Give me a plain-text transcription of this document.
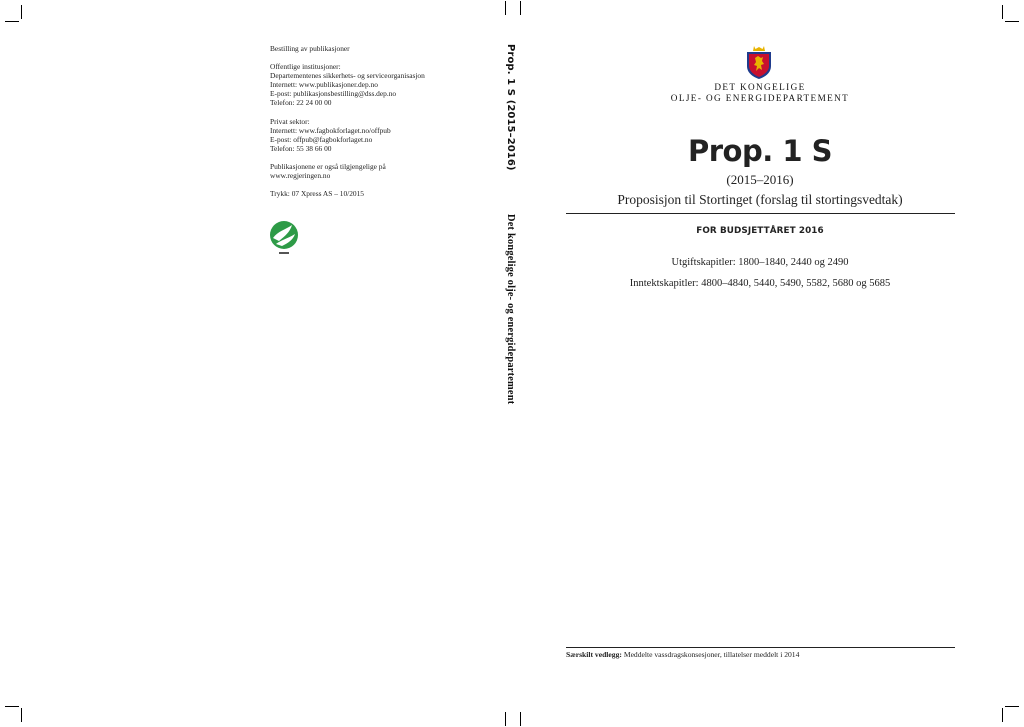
Bestilling av publikasjoner

Offentlige institusjoner:

Departementenes sikkerhets- og serviceorganisasjon

Internett: www.publikasjoner.dep.no

E-post: publikasjonsbestilling@dss.dep.no

Telefon: 22 24 00 00

Privat sektor:

Internett: www.fagbokforlaget.no/offpub

E-post: offpub@fagbokforlaget.no

Telefon: 55 38 66 00

Publikasjonene er også tilgjengelige på

www.regjeringen.no

Trykk: 07 Xpress AS – 10/2015

Prop. 1 S (2015–2016)
Det kongelige olje- og energidepartement
DET KONGELIGE
OLJE- OG ENERGIDEPARTEMENT
Prop. 1 S
(2015–2016)
Proposisjon til Stortinget (forslag til stortingsvedtak)
FOR BUDSJETTÅRET 2016
Utgiftskapitler: 1800–1840, 2440 og 2490
Inntektskapitler: 4800–4840, 5440, 5490, 5582, 5680 og 5685
Særskilt vedlegg: Meddelte vassdragskonsesjoner, tillatelser meddelt i 2014
